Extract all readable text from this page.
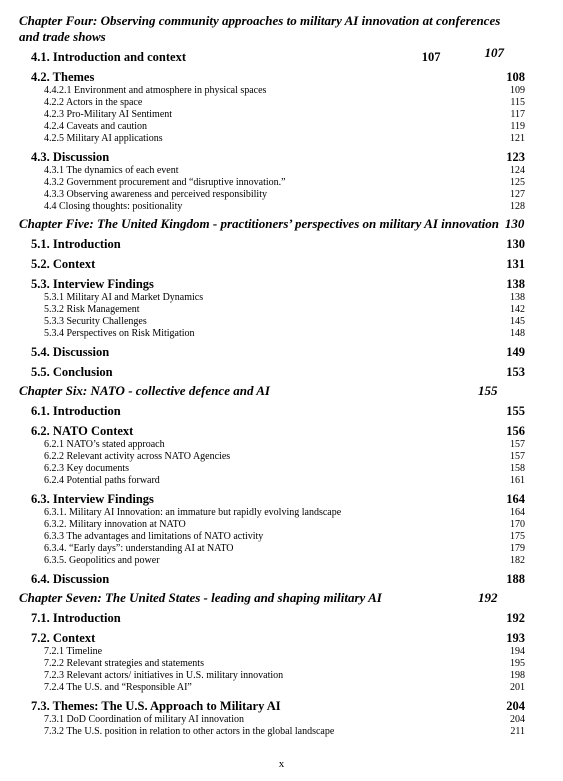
Chapter Four: Observing community approaches to military AI innovation at conferences and trade shows

107
4.1. Introduction and context	107
4.2. Themes	108
4.4.2.1 Environment and atmosphere in physical spaces	109
4.2.2 Actors in the space	115
4.2.3 Pro-Military AI Sentiment	117
4.2.4 Caveats and caution	119
4.2.5 Military AI applications	121
4.3. Discussion	123
4.3.1 The dynamics of each event	124
4.3.2 Government procurement and “disruptive innovation.”	125
4.3.3 Observing awareness and perceived responsibility	127
4.4 Closing thoughts: positionality	128
Chapter Five: The United Kingdom - practitioners’ perspectives on military AI innovation 130
5.1. Introduction	130
5.2. Context	131
5.3. Interview Findings	138
5.3.1 Military AI and Market Dynamics	138
5.3.2 Risk Management	142
5.3.3 Security Challenges	145
5.3.4 Perspectives on Risk Mitigation	148
5.4. Discussion	149
5.5. Conclusion	153
Chapter Six: NATO - collective defence and AI	155
6.1. Introduction	155
6.2. NATO Context	156
6.2.1 NATO’s stated approach	157
6.2.2 Relevant activity across NATO Agencies	157
6.2.3 Key documents	158
6.2.4 Potential paths forward	161
6.3. Interview Findings	164
6.3.1. Military AI Innovation: an immature but rapidly evolving landscape	164
6.3.2. Military innovation at NATO	170
6.3.3 The advantages and limitations of NATO activity	175
6.3.4. “Early days”: understanding AI at NATO	179
6.3.5. Geopolitics and power	182
6.4. Discussion	188
Chapter Seven: The United States - leading and shaping military AI	192
7.1. Introduction	192
7.2. Context	193
7.2.1 Timeline	194
7.2.2 Relevant strategies and statements	195
7.2.3 Relevant actors/ initiatives in U.S. military innovation	198
7.2.4 The U.S. and “Responsible AI”	201
7.3. Themes: The U.S. Approach to Military AI	204
7.3.1 DoD Coordination of military AI innovation	204
7.3.2 The U.S. position in relation to other actors in the global landscape	211
x
